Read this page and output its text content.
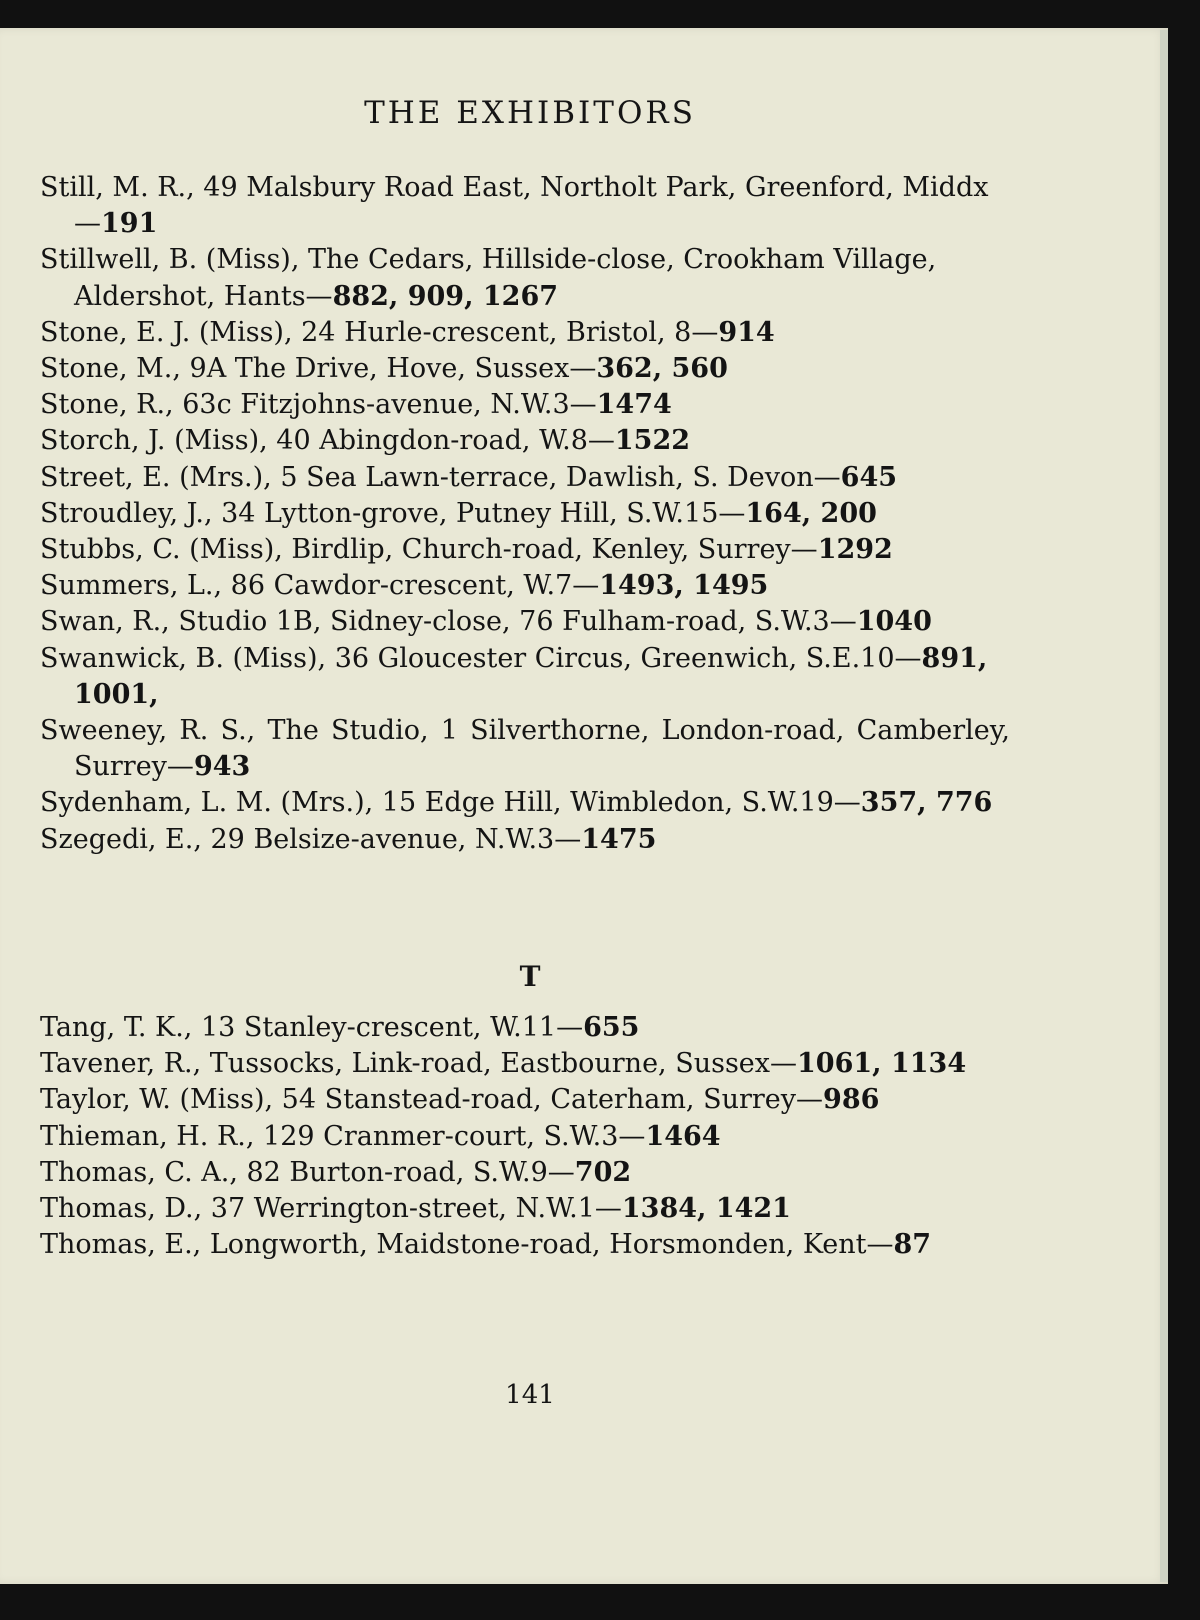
THE EXHIBITORS
Still, M. R., 49 Malsbury Road East, Northolt Park, Greenford, Middx—191
Stillwell, B. (Miss), The Cedars, Hillside-close, Crookham Village, Aldershot, Hants—882, 909, 1267
Stone, E. J. (Miss), 24 Hurle-crescent, Bristol, 8—914
Stone, M., 9A The Drive, Hove, Sussex—362, 560
Stone, R., 63c Fitzjohns-avenue, N.W.3—1474
Storch, J. (Miss), 40 Abingdon-road, W.8—1522
Street, E. (Mrs.), 5 Sea Lawn-terrace, Dawlish, S. Devon—645
Stroudley, J., 34 Lytton-grove, Putney Hill, S.W.15—164, 200
Stubbs, C. (Miss), Birdlip, Church-road, Kenley, Surrey—1292
Summers, L., 86 Cawdor-crescent, W.7—1493, 1495
Swan, R., Studio 1B, Sidney-close, 76 Fulham-road, S.W.3—1040
Swanwick, B. (Miss), 36 Gloucester Circus, Greenwich, S.E.10—891, 1001,
Sweeney, R. S., The Studio, 1 Silverthorne, London-road, Camberley, Surrey—943
Sydenham, L. M. (Mrs.), 15 Edge Hill, Wimbledon, S.W.19—357, 776
Szegedi, E., 29 Belsize-avenue, N.W.3—1475
T
Tang, T. K., 13 Stanley-crescent, W.11—655
Tavener, R., Tussocks, Link-road, Eastbourne, Sussex—1061, 1134
Taylor, W. (Miss), 54 Stanstead-road, Caterham, Surrey—986
Thieman, H. R., 129 Cranmer-court, S.W.3—1464
Thomas, C. A., 82 Burton-road, S.W.9—702
Thomas, D., 37 Werrington-street, N.W.1—1384, 1421
Thomas, E., Longworth, Maidstone-road, Horsmonden, Kent—87
141
